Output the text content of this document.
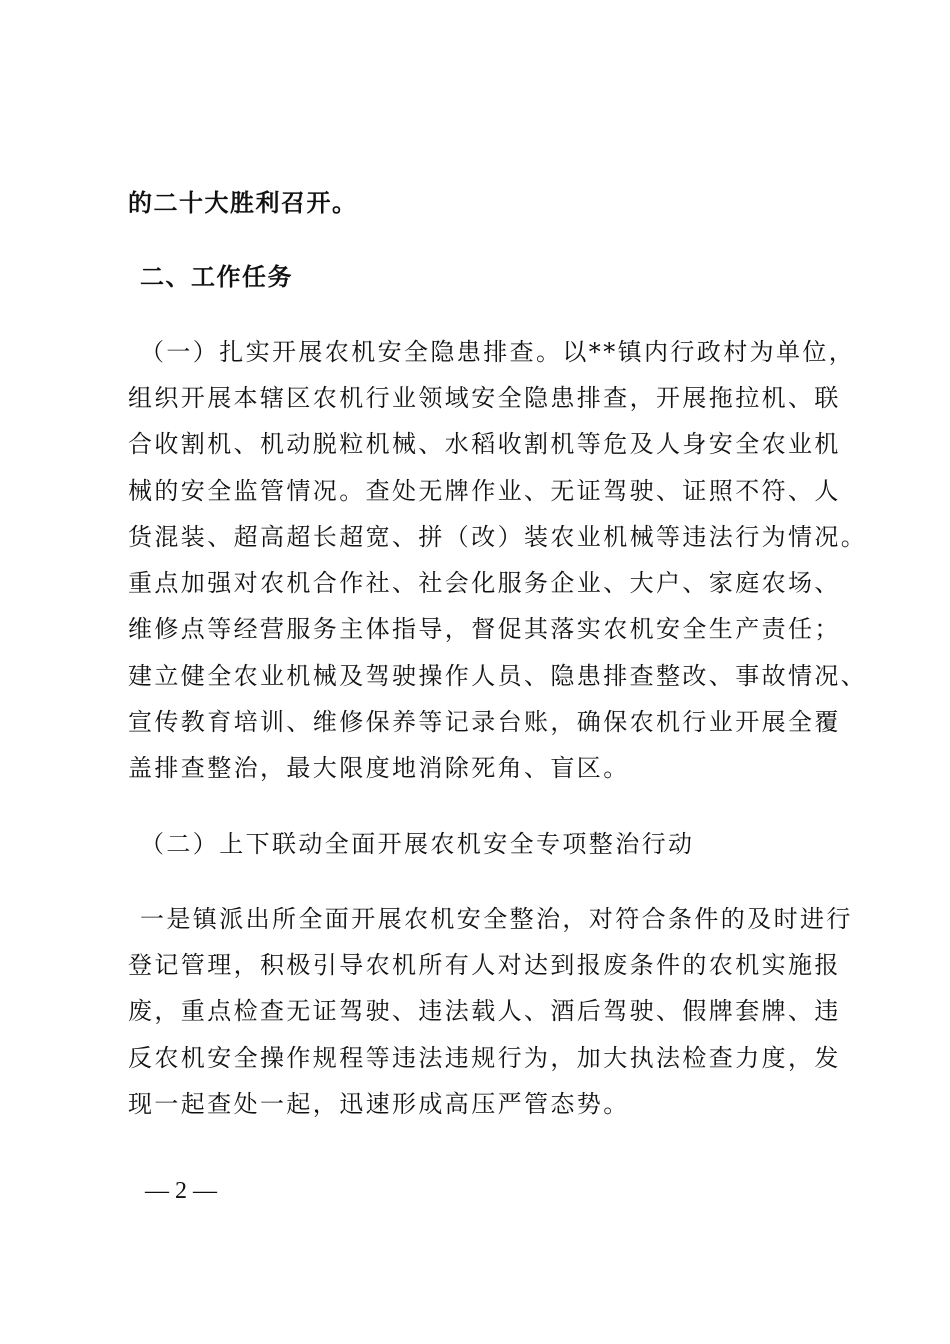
的二十大胜利召开。
二、工作任务
（一）扎实开展农机安全隐患排查。以**镇内行政村为单位，
组织开展本辖区农机行业领域安全隐患排查，开展拖拉机、联
合收割机、机动脱粒机械、水稻收割机等危及人身安全农业机
械的安全监管情况。查处无牌作业、无证驾驶、证照不符、人
货混装、超高超长超宽、拼（改）装农业机械等违法行为情况。
重点加强对农机合作社、社会化服务企业、大户、家庭农场、
维修点等经营服务主体指导，督促其落实农机安全生产责任；
建立健全农业机械及驾驶操作人员、隐患排查整改、事故情况、
宣传教育培训、维修保养等记录台账，确保农机行业开展全覆
盖排查整治，最大限度地消除死角、盲区。
（二）上下联动全面开展农机安全专项整治行动
一是镇派出所全面开展农机安全整治，对符合条件的及时进行
登记管理，积极引导农机所有人对达到报废条件的农机实施报
废，重点检查无证驾驶、违法载人、酒后驾驶、假牌套牌、违
反农机安全操作规程等违法违规行为，加大执法检查力度，发
现一起查处一起，迅速形成高压严管态势。
— 2 —
